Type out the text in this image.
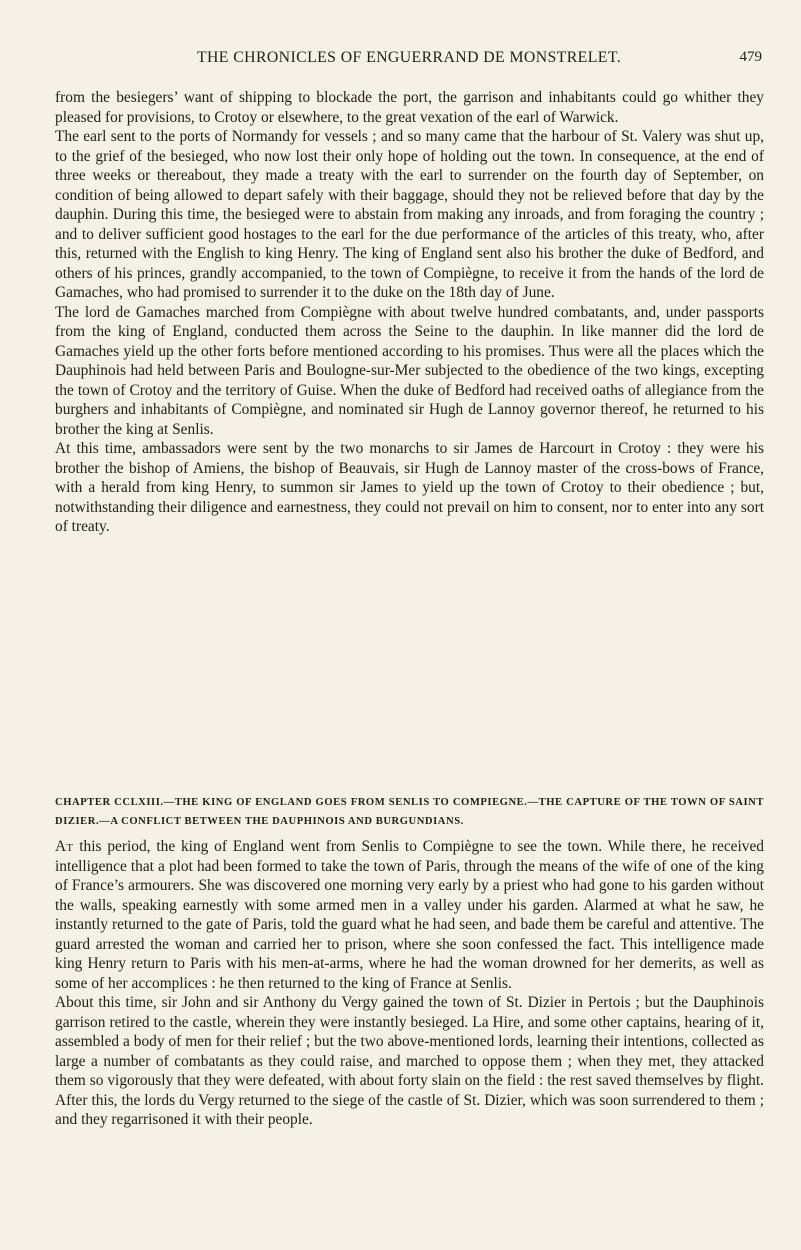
THE CHRONICLES OF ENGUERRAND DE MONSTRELET.	479

from the besiegers’ want of shipping to blockade the port, the garrison and inhabitants could go whither they pleased for provisions, to Crotoy or elsewhere, to the great vexation of the earl of Warwick.

The earl sent to the ports of Normandy for vessels ; and so many came that the harbour of St. Valery was shut up, to the grief of the besieged, who now lost their only hope of holding out the town. In consequence, at the end of three weeks or thereabout, they made a treaty with the earl to surrender on the fourth day of September, on condition of being allowed to depart safely with their baggage, should they not be relieved before that day by the dauphin. During this time, the besieged were to abstain from making any inroads, and from foraging the country ; and to deliver sufficient good hostages to the earl for the due performance of the articles of this treaty, who, after this, returned with the English to king Henry. The king of England sent also his brother the duke of Bedford, and others of his princes, grandly accompanied, to the town of Compiègne, to receive it from the hands of the lord de Gamaches, who had promised to surrender it to the duke on the 18th day of June.

The lord de Gamaches marched from Compiègne with about twelve hundred combatants, and, under passports from the king of England, conducted them across the Seine to the dauphin. In like manner did the lord de Gamaches yield up the other forts before mentioned according to his promises. Thus were all the places which the Dauphinois had held between Paris and Boulogne-sur-Mer subjected to the obedience of the two kings, excepting the town of Crotoy and the territory of Guise. When the duke of Bedford had received oaths of allegiance from the burghers and inhabitants of Compiègne, and nominated sir Hugh de Lannoy governor thereof, he returned to his brother the king at Senlis.

At this time, ambassadors were sent by the two monarchs to sir James de Harcourt in Crotoy : they were his brother the bishop of Amiens, the bishop of Beauvais, sir Hugh de Lannoy master of the cross-bows of France, with a herald from king Henry, to summon sir James to yield up the town of Crotoy to their obedience ; but, notwithstanding their diligence and earnestness, they could not prevail on him to consent, nor to enter into any sort of treaty.

CHAPTER CCLXIII.—THE KING OF ENGLAND GOES FROM SENLIS TO COMPIEGNE.—THE CAPTURE OF THE TOWN OF SAINT DIZIER.—A CONFLICT BETWEEN THE DAUPHINOIS AND BURGUNDIANS.

At this period, the king of England went from Senlis to Compiègne to see the town. While there, he received intelligence that a plot had been formed to take the town of Paris, through the means of the wife of one of the king of France’s armourers. She was discovered one morning very early by a priest who had gone to his garden without the walls, speaking earnestly with some armed men in a valley under his garden. Alarmed at what he saw, he instantly returned to the gate of Paris, told the guard what he had seen, and bade them be careful and attentive. The guard arrested the woman and carried her to prison, where she soon confessed the fact. This intelligence made king Henry return to Paris with his men-at-arms, where he had the woman drowned for her demerits, as well as some of her accomplices : he then returned to the king of France at Senlis.

About this time, sir John and sir Anthony du Vergy gained the town of St. Dizier in Pertois ; but the Dauphinois garrison retired to the castle, wherein they were instantly besieged. La Hire, and some other captains, hearing of it, assembled a body of men for their relief ; but the two above-mentioned lords, learning their intentions, collected as large a number of combatants as they could raise, and marched to oppose them ; when they met, they attacked them so vigorously that they were defeated, with about forty slain on the field : the rest saved themselves by flight. After this, the lords du Vergy returned to the siege of the castle of St. Dizier, which was soon surrendered to them ; and they regarrisoned it with their people.
